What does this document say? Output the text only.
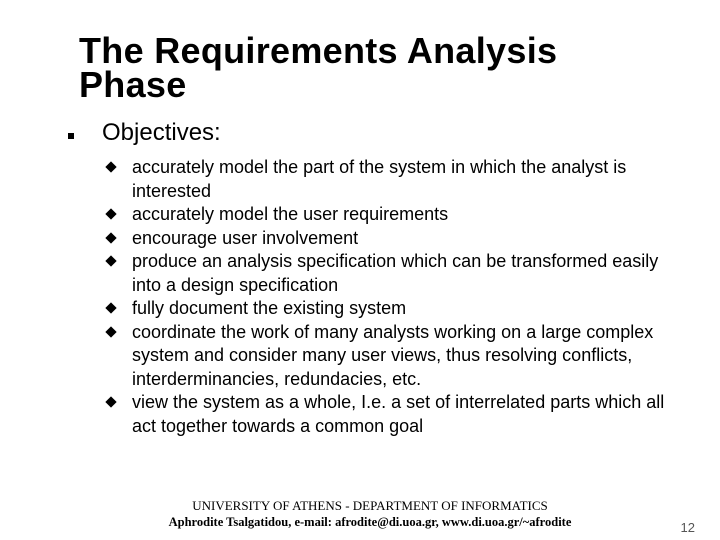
The Requirements Analysis
Phase
Objectives:
accurately model the part of the system in which the analyst is interested
accurately model the user requirements
encourage user involvement
produce an analysis specification which can be transformed easily into a design specification
fully document the existing system
coordinate the work of many analysts working on a large complex system and consider many user views, thus resolving conflicts, interderminancies, redundacies, etc.
view the system as a whole, I.e. a set of interrelated parts which all act together towards a common goal
UNIVERSITY OF ATHENS - DEPARTMENT OF INFORMATICS
Aphrodite Tsalgatidou, e-mail: afrodite@di.uoa.gr, www.di.uoa.gr/~afrodite	12
